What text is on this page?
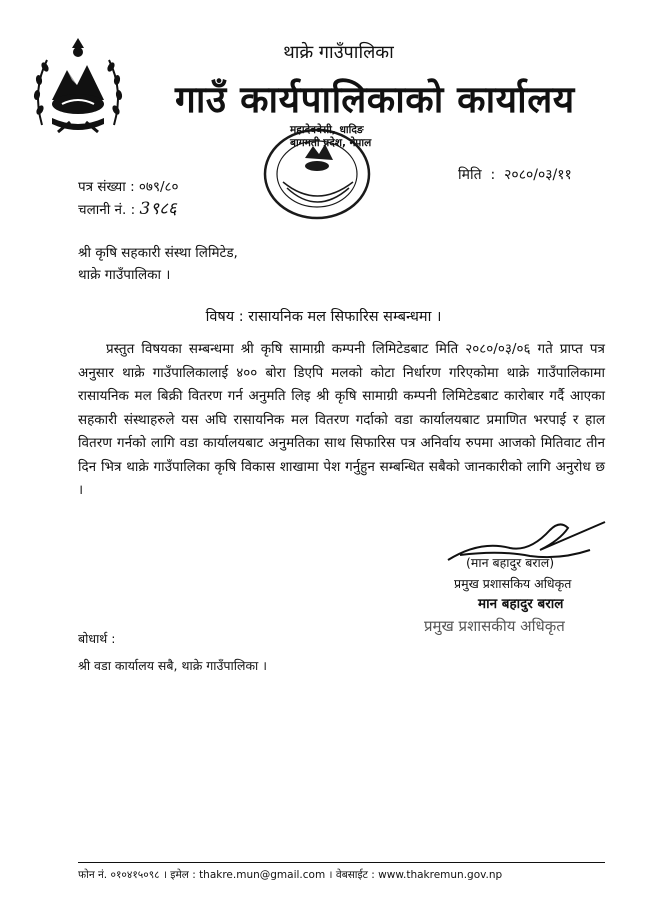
थाक्रे गाउँपालिका
गाउँ कार्यपालिकाको कार्यालय
महादेवबेसी, धादिङ
बागमती प्रदेश, नेपाल
मिति  :  २०८०/०३/११
पत्र संख्या : ०७९/८०
चलानी नं. : 3९८६
श्री कृषि सहकारी संस्था लिमिटेड,
थाक्रे गाउँपालिका ।
विषय : रासायनिक मल सिफारिस सम्बन्धमा ।
प्रस्तुत विषयका सम्बन्धमा श्री कृषि सामाग्री कम्पनी लिमिटेडबाट मिति २०८०/०३/०६ गते प्राप्त पत्र अनुसार थाक्रे गाउँपालिकालाई ४०० बोरा डिएपि मलको कोटा निर्धारण गरिएकोमा थाक्रे गाउँपालिकामा रासायनिक मल बिक्री वितरण गर्न अनुमति लिइ श्री कृषि सामाग्री कम्पनी लिमिटेडबाट कारोबार गर्दै आएका सहकारी संस्थाहरुले यस अघि रासायनिक मल वितरण गर्दाको वडा कार्यालयबाट प्रमाणित भरपाई र हाल वितरण गर्नको लागि वडा कार्यालयबाट अनुमतिका साथ सिफारिस पत्र अनिर्वाय रुपमा आजको मितिवाट तीन दिन भित्र थाक्रे गाउँपालिका कृषि विकास शाखामा पेश गर्नुहुन सम्बन्धित सबैको जानकारीको लागि अनुरोध छ ।
(मान बहादुर बराल)
प्रमुख प्रशासकिय अधिकृत
मान बहादुर बराल
प्रमुख प्रशासकीय अधिकृत
बोधार्थ :
श्री वडा कार्यालय सबै, थाक्रे गाउँपालिका ।
फोन नं. ०१०४१५०९८ । इमेल : thakre.mun@gmail.com । वेबसाईट : www.thakremun.gov.np
